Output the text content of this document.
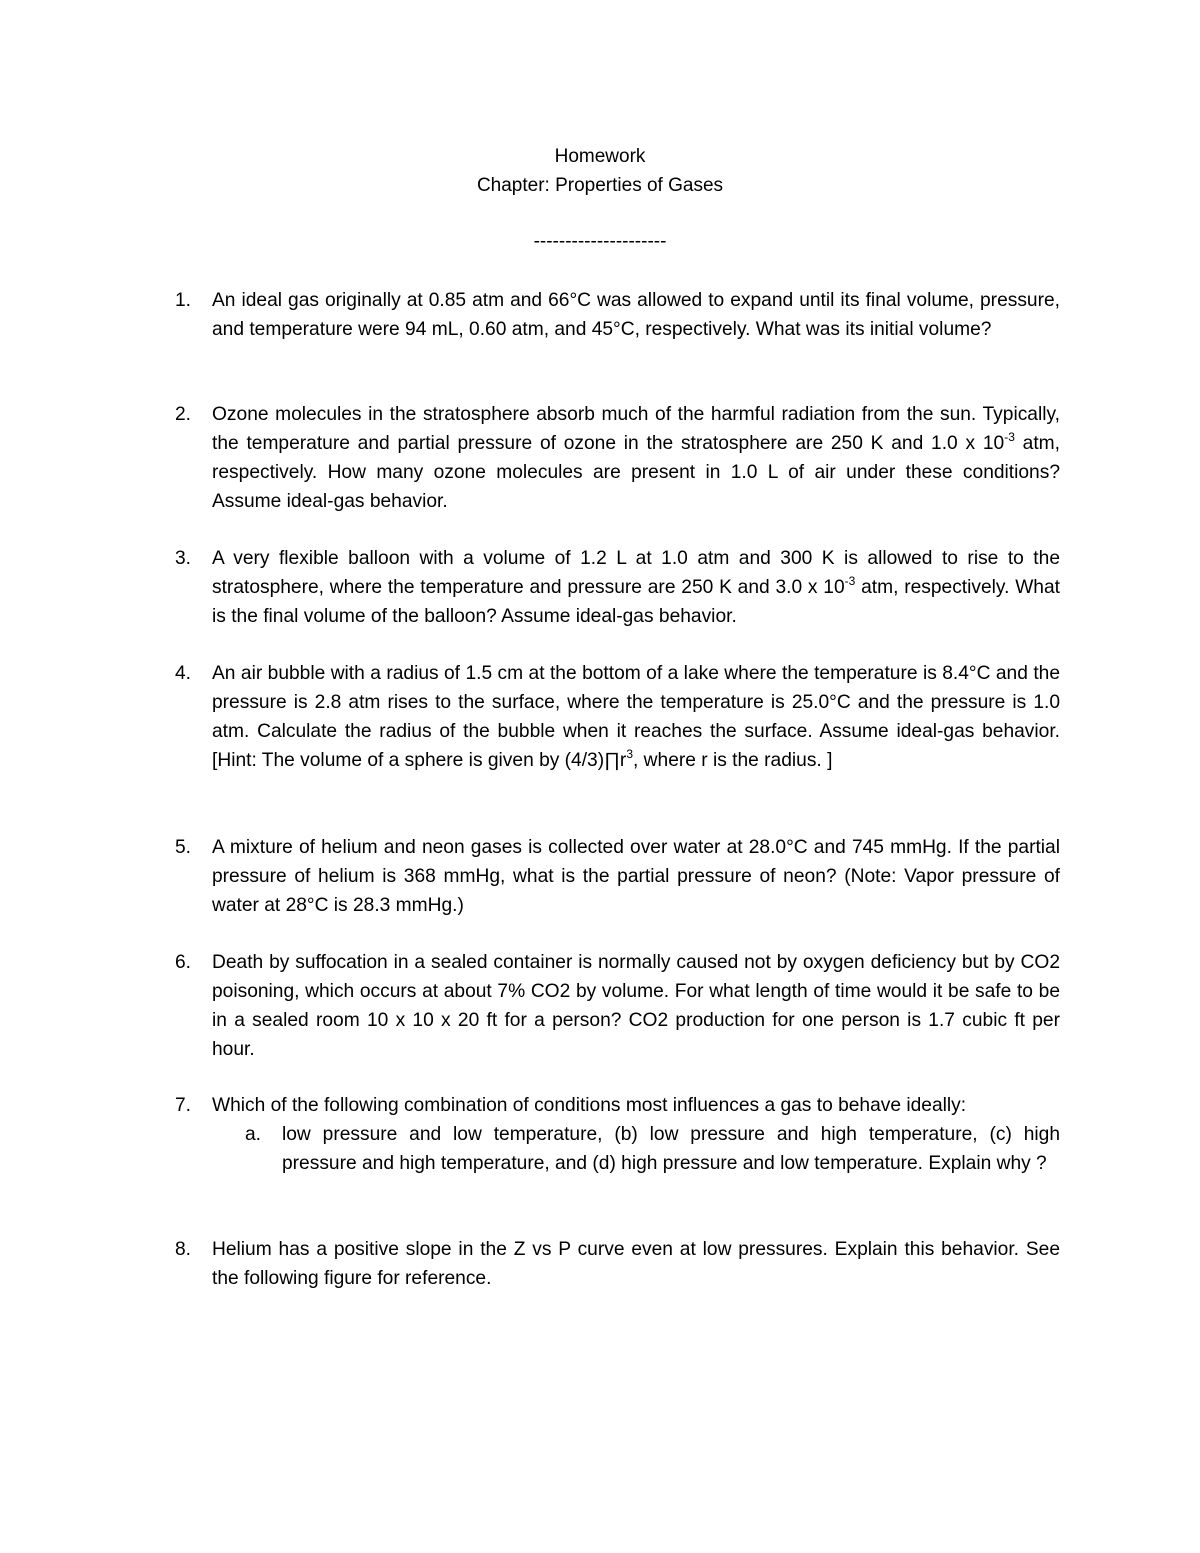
Homework
Chapter: Properties of Gases
---------------------
1.	An ideal gas originally at 0.85 atm and 66°C was allowed to expand until its final volume, pressure, and temperature were 94 mL, 0.60 atm, and 45°C, respectively. What was its initial volume?
2.	Ozone molecules in the stratosphere absorb much of the harmful radiation from the sun. Typically, the temperature and partial pressure of ozone in the stratosphere are 250 K and 1.0 x $10^{-3}$ atm, respectively. How many ozone molecules are present in 1.0 L of air under these conditions? Assume ideal-gas behavior.
3.	A very flexible balloon with a volume of 1.2 L at 1.0 atm and 300 K is allowed to rise to the stratosphere, where the temperature and pressure are 250 K and 3.0 x $10^{-3}$ atm, respectively. What is the final volume of the balloon? Assume ideal-gas behavior.
4.	An air bubble with a radius of 1.5 cm at the bottom of a lake where the temperature is 8.4°C and the pressure is 2.8 atm rises to the surface, where the temperature is 25.0°C and the pressure is 1.0 atm. Calculate the radius of the bubble when it reaches the surface. Assume ideal-gas behavior. [Hint: The volume of a sphere is given by $(4/3)\prod r^3$, where r is the radius. ]
5.	A mixture of helium and neon gases is collected over water at 28.0°C and 745 mmHg. If the partial pressure of helium is 368 mmHg, what is the partial pressure of neon? (Note: Vapor pressure of water at 28°C is 28.3 mmHg.)
6.	Death by suffocation in a sealed container is normally caused not by oxygen deficiency but by CO2 poisoning, which occurs at about 7% CO2 by volume. For what length of time would it be safe to be in a sealed room 10 x 10 x 20 ft for a person? CO2 production for one person is 1.7 cubic ft per hour.
7.	Which of the following combination of conditions most influences a gas to behave ideally:
a. low pressure and low temperature, (b) low pressure and high temperature, (c) high pressure and high temperature, and (d) high pressure and low temperature. Explain why ?
8.	Helium has a positive slope in the Z vs P curve even at low pressures. Explain this behavior. See the following figure for reference.
